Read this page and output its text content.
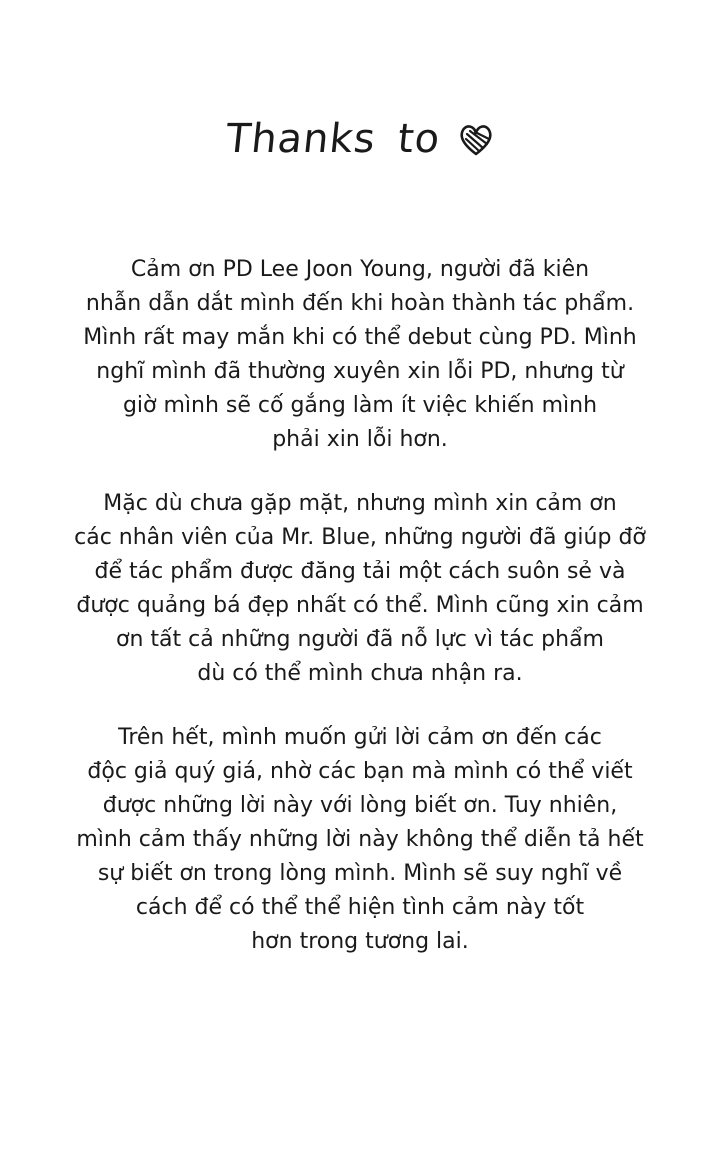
Thanks to

Cảm ơn PD Lee Joon Young, người đã kiên
nhẫn dẫn dắt mình đến khi hoàn thành tác phẩm.
Mình rất may mắn khi có thể debut cùng PD. Mình
nghĩ mình đã thường xuyên xin lỗi PD, nhưng từ
giờ mình sẽ cố gắng làm ít việc khiến mình
phải xin lỗi hơn.

Mặc dù chưa gặp mặt, nhưng mình xin cảm ơn
các nhân viên của Mr. Blue, những người đã giúp đỡ
để tác phẩm được đăng tải một cách suôn sẻ và
được quảng bá đẹp nhất có thể. Mình cũng xin cảm
ơn tất cả những người đã nỗ lực vì tác phẩm
dù có thể mình chưa nhận ra.

Trên hết, mình muốn gửi lời cảm ơn đến các
độc giả quý giá, nhờ các bạn mà mình có thể viết
được những lời này với lòng biết ơn. Tuy nhiên,
mình cảm thấy những lời này không thể diễn tả hết
sự biết ơn trong lòng mình. Mình sẽ suy nghĩ về
cách để có thể thể hiện tình cảm này tốt
hơn trong tương lai.
